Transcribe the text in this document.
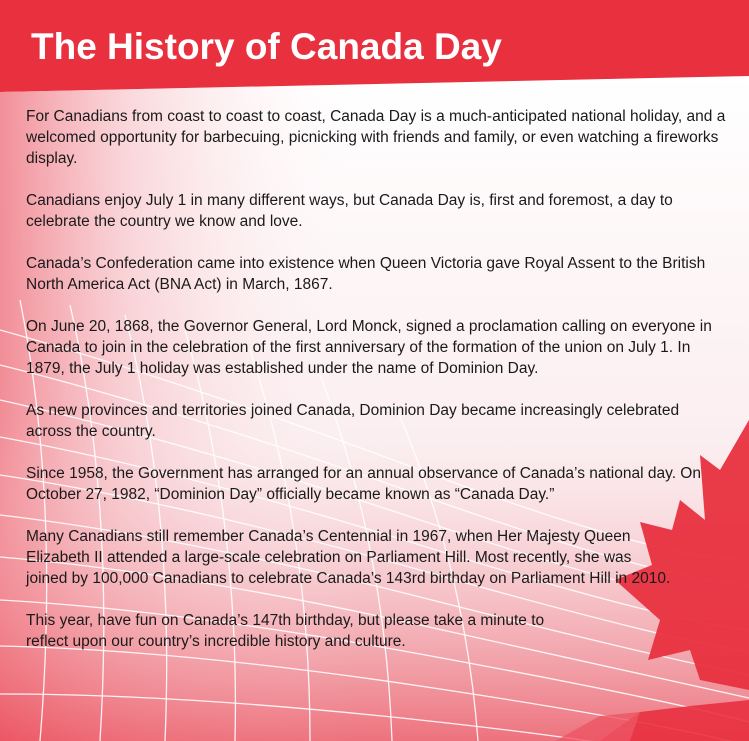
The History of Canada Day

For Canadians from coast to coast to coast, Canada Day is a much-anticipated national holiday, and a welcomed opportunity for barbecuing, picnicking with friends and family, or even watching a fireworks display.

Canadians enjoy July 1 in many different ways, but Canada Day is, first and foremost, a day to celebrate the country we know and love.

Canada’s Confederation came into existence when Queen Victoria gave Royal Assent to the British North America Act (BNA Act) in March, 1867.

On June 20, 1868, the Governor General, Lord Monck, signed a proclamation calling on everyone in Canada to join in the celebration of the first anniversary of the formation of the union on July 1. In 1879, the July 1 holiday was established under the name of Dominion Day.

As new provinces and territories joined Canada, Dominion Day became increasingly celebrated across the country.

Since 1958, the Government has arranged for an annual observance of Canada’s national day. On October 27, 1982, “Dominion Day” officially became known as “Canada Day.”

Many Canadians still remember Canada’s Centennial in 1967, when Her Majesty Queen Elizabeth II attended a large-scale celebration on Parliament Hill. Most recently, she was joined by 100,000 Canadians to celebrate Canada’s 143rd birthday on Parliament Hill in 2010.

This year, have fun on Canada’s 147th birthday, but please take a minute to reflect upon our country’s incredible history and culture.
